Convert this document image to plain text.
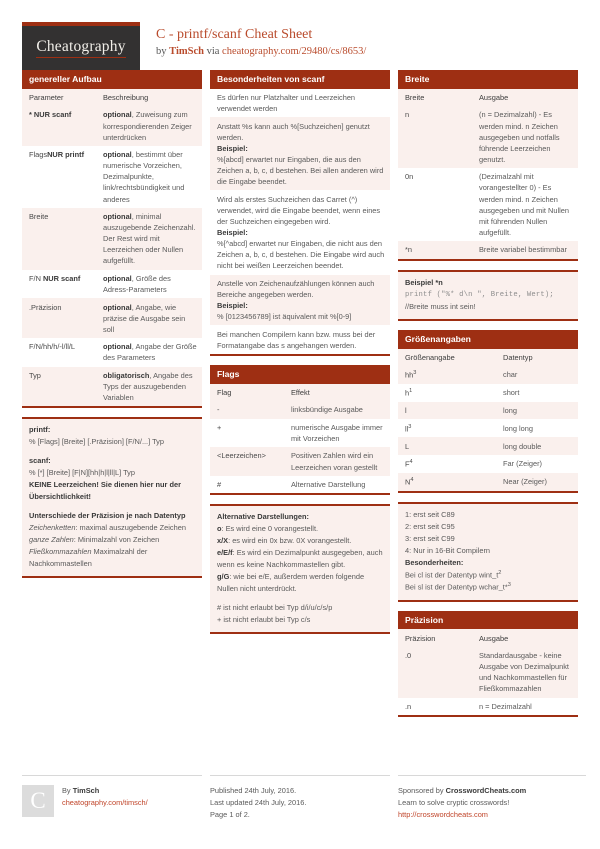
Cheatography
C - printf/scanf Cheat Sheet
by TimSch via cheatography.com/29480/cs/8653/
genereller Aufbau
Parameter	Beschreibung
* NUR scanf	optional, Zuweisung zum korrespondierenden Zeiger unterdrücken
FlagsNUR printf	optional, bestimmt über numerische Vorzeichen, Dezimalpunkte, link/rechtsbündigkeit und anderes
Breite	optional, minimal auszugebende Zeichenzahl. Der Rest wird mit Leerzeichen oder Nullen aufgefüllt.
F/N NUR scanf	optional, Größe des Adress-Parameters
.Präzision	optional, Angabe, wie präzise die Ausgabe sein soll
F/N/hh/h/-l/ll/L	optional, Angabe der Größe des Parameters
Typ	obligatorisch, Angabe des Typs der auszugebenden Variablen
printf:
% [Flags] [Breite] [.Präzision] [F/N/...] Typ
scanf:
% [*] [Breite] [F|N][hh|h|l|ll|L] Typ
KEINE Leerzeichen! Sie dienen hier nur der Übersichtlichkeit!
Unterschiede der Präzision je nach Datentyp
Zeichenketten: maximal auszugebende Zeichen
ganze Zahlen: Minimalzahl von Zeichen
Fließkommazahlen Maximalzahl der Nachkommastellen
Besonderheiten von scanf
Es dürfen nur Platzhalter und Leerzeichen verwendet werden
Anstatt %s kann auch %[Suchzeichen] genutzt werden.
Beispiel:
%[abcd] erwartet nur Eingaben, die aus den Zeichen a, b, c, d bestehen. Bei allen anderen wird die Eingabe beendet.
Wird als erstes Suchzeichen das Carret (^) verwendet, wird die Eingabe beendet, wenn eines der Suchzeichen eingegeben wird.
Beispiel:
%[^abcd] erwartet nur Eingaben, die nicht aus den Zeichen a, b, c, d bestehen. Die Eingabe wird auch nicht bei weißen Leerzeichen beendet.
Anstelle von Zeichenaufzählungen können auch Bereiche angegeben werden.
Beispiel:
% [0123456789] ist äquivalent mit %[0-9]
Bei manchen Compilern kann bzw. muss bei der Formatangabe das s angehangen werden.
Flags
Flag	Effekt
-	linksbündige Ausgabe
+	numerische Ausgabe immer mit Vorzeichen
<Leerzeichen>	Positiven Zahlen wird ein Leerzeichen voran gestellt
#	Alternative Darstellung
Alternative Darstellungen:
o: Es wird eine 0 vorangestellt.
x/X: es wird ein 0x bzw. 0X vorangestellt.
e/E/f: Es wird ein Dezimalpunkt ausgegeben, auch wenn es keine Nachkommastellen gibt.
g/G: wie bei e/E, außerdem werden folgende Nullen nicht unterdrückt.
# ist nicht erlaubt bei Typ d/i/u/c/s/p
+ ist nicht erlaubt bei Typ c/s
Breite
Breite	Ausgabe
n	(n = Dezimalzahl) - Es werden mind. n Zeichen ausgegeben und notfalls führende Leerzeichen genutzt.
0n	(Dezimalzahl mit vorangestellter 0) - Es werden mind. n Zeichen ausgegeben und mit Nullen mit führenden Nullen aufgefüllt.
*n	Breite variabel bestimmbar
Beispiel *n
printf ("%* d\n ", Breite, Wert);
//Breite muss int sein!
Größenangaben
Größenangabe	Datentyp
$hh^3$	char
$h^1$	short
l	long
$ll^3$	long long
L	long double
$F^4$	Far (Zeiger)
$N^4$	Near (Zeiger)
1: erst seit C89
2: erst seit C95
3: erst seit C99
4: Nur in 16-Bit Compilern
Besonderheiten:
Bei cl ist der Datentyp $wint\_t^2$
Bei sl ist der Datentyp wchar_t*$^3$
Präzision
Präzision	Ausgabe
.0	Standardausgabe - keine Ausgabe von Dezimalpunkt und Nachkommastellen für Fließkommazahlen
.n	n = Dezimalzahl
C	By TimSch
cheatography.com/timsch/
Published 24th July, 2016.
Last updated 24th July, 2016.
Page 1 of 2.
Sponsored by CrosswordCheats.com
Learn to solve cryptic crosswords!
http://crosswordcheats.com
